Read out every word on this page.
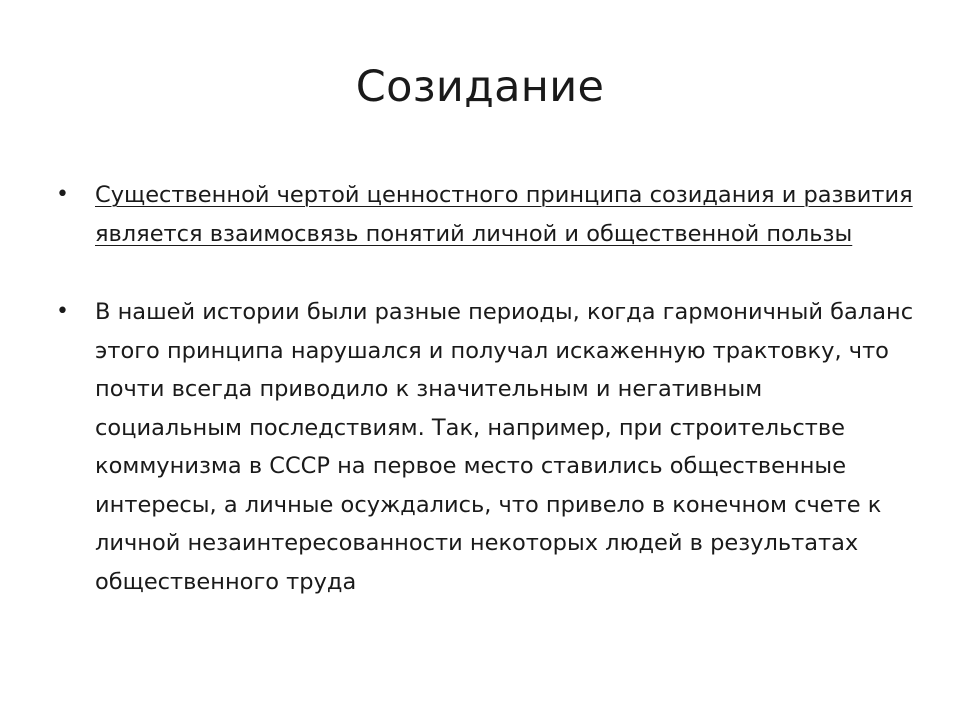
Созидание
• Существенной чертой ценностного принципа созидания и развития является взаимосвязь понятий личной и общественной пользы
• В нашей истории были разные периоды, когда гармоничный баланс этого принципа нарушался и получал искаженную трактовку, что почти всегда приводило к значительным и негативным социальным последствиям. Так, например, при строительстве коммунизма в СССР на первое место ставились общественные интересы, а личные осуждались, что привело в конечном счете к личной незаинтересованности некоторых людей в результатах общественного труда
